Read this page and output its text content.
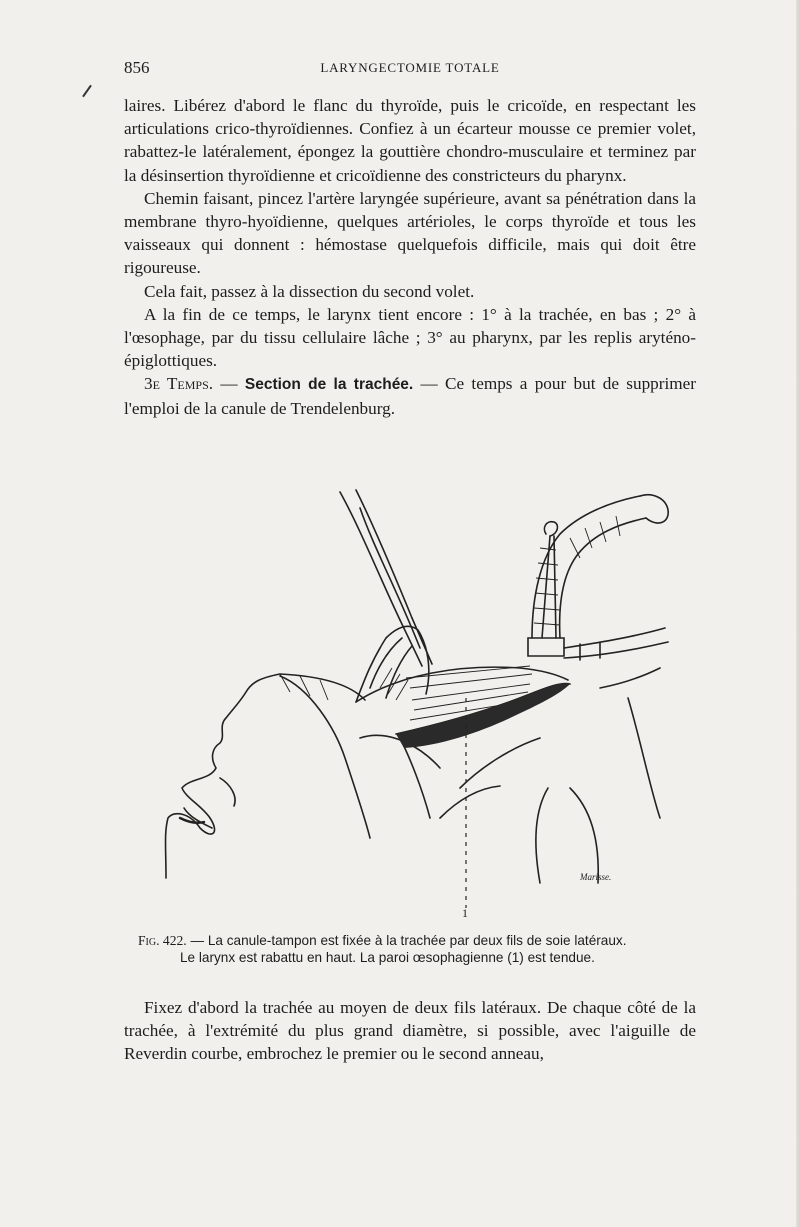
856	LARYNGECTOMIE TOTALE

laires. Libérez d'abord le flanc du thyroïde, puis le cricoïde, en respectant les articulations crico-thyroïdiennes. Confiez à un écarteur mousse ce premier volet, rabattez-le latéralement, épongez la gouttière chondro-musculaire et terminez par la désinsertion thyroïdienne et cricoïdienne des constricteurs du pharynx.

Chemin faisant, pincez l'artère laryngée supérieure, avant sa pénétration dans la membrane thyro-hyoïdienne, quelques artérioles, le corps thyroïde et tous les vaisseaux qui donnent : hémostase quelquefois difficile, mais qui doit être rigoureuse.

Cela fait, passez à la dissection du second volet.

A la fin de ce temps, le larynx tient encore : 1° à la trachée, en bas ; 2° à l'œsophage, par du tissu cellulaire lâche ; 3° au pharynx, par les replis aryténo-épiglottiques.

3e Temps. — Section de la trachée. — Ce temps a pour but de supprimer l'emploi de la canule de Trendelenburg.

Marisse.
1
Fig. 422. — La canule-tampon est fixée à la trachée par deux fils de soie latéraux.
Le larynx est rabattu en haut. La paroi œsophagienne (1) est tendue.

Fixez d'abord la trachée au moyen de deux fils latéraux. De chaque côté de la trachée, à l'extrémité du plus grand diamètre, si possible, avec l'aiguille de Reverdin courbe, embrochez le premier ou le second anneau,
